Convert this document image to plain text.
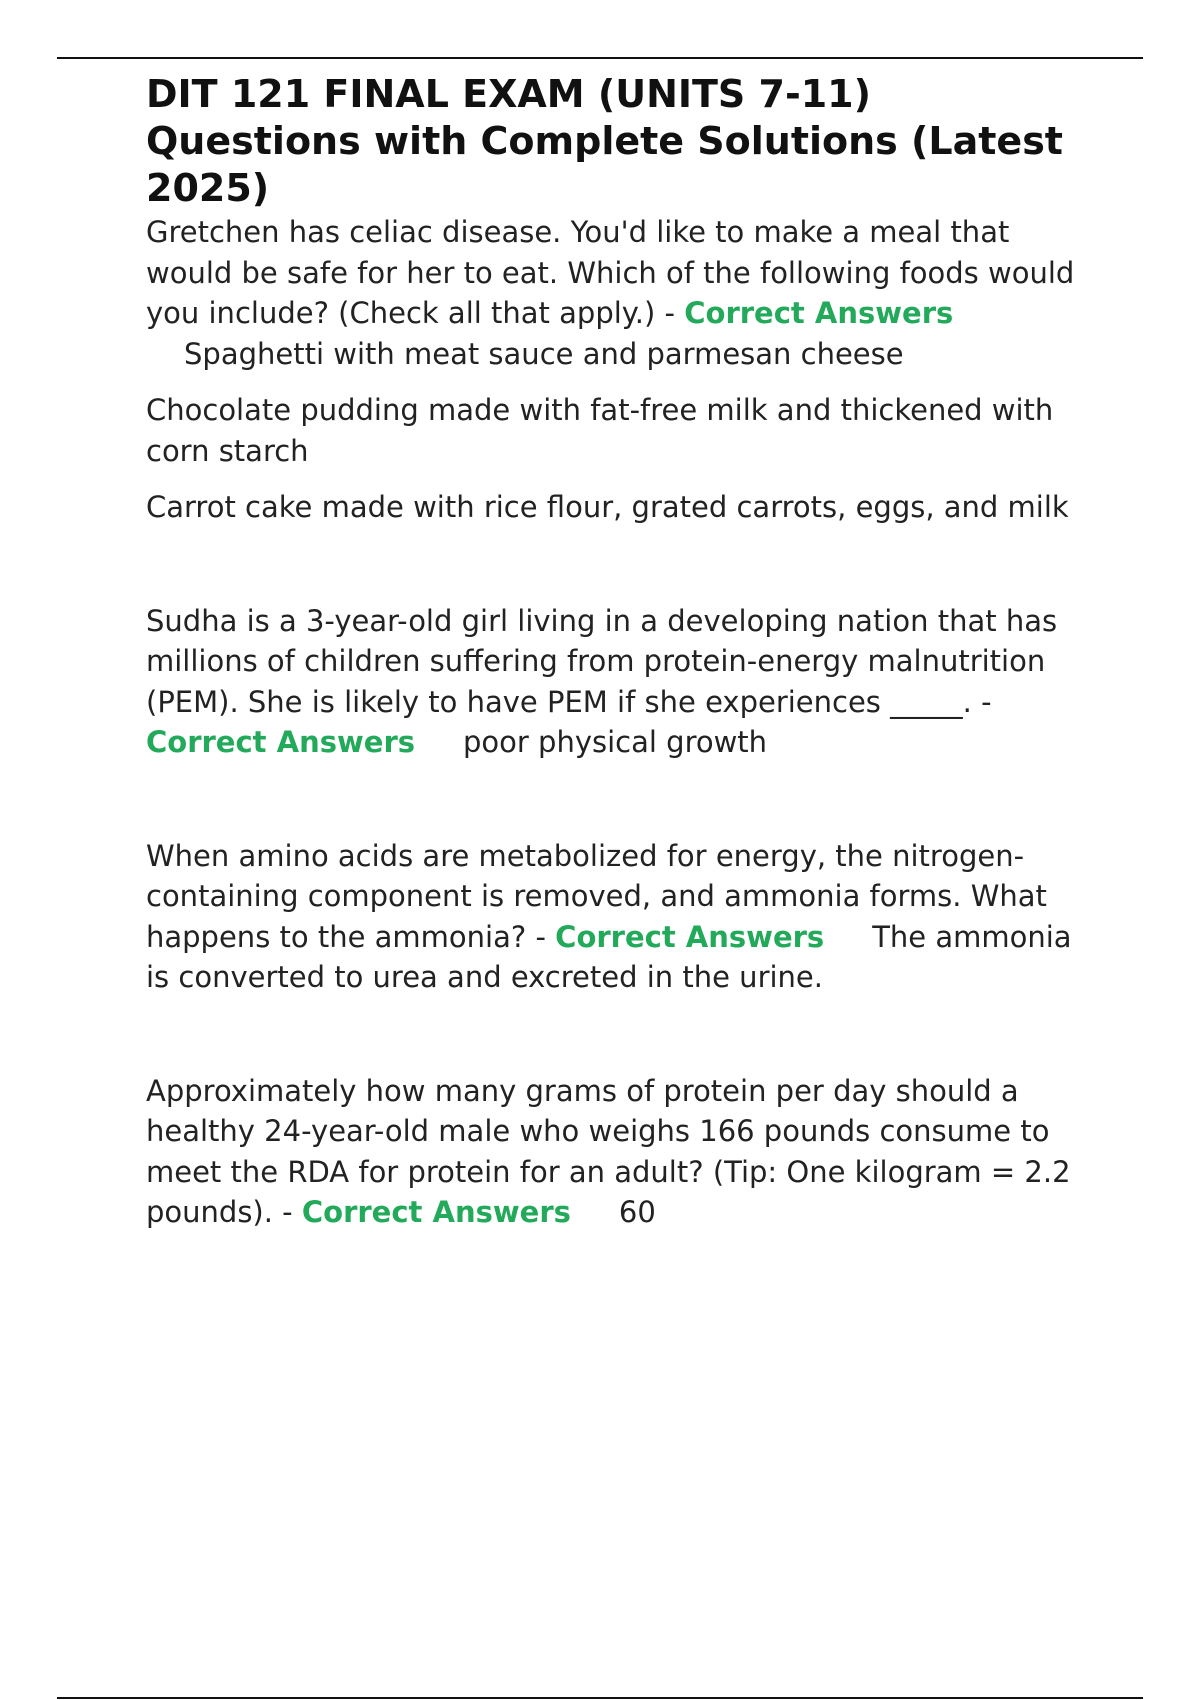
DIT 121 FINAL EXAM (UNITS 7-11) Questions with Complete Solutions (Latest 2025)

Gretchen has celiac disease. You'd like to make a meal that would be safe for her to eat. Which of the following foods would you include? (Check all that apply.) - Correct Answers

Spaghetti with meat sauce and parmesan cheese

Chocolate pudding made with fat-free milk and thickened with corn starch

Carrot cake made with rice flour, grated carrots, eggs, and milk

Sudha is a 3-year-old girl living in a developing nation that has millions of children suffering from protein-energy malnutrition (PEM). She is likely to have PEM if she experiences _____. - Correct Answers poor physical growth

When amino acids are metabolized for energy, the nitrogen-containing component is removed, and ammonia forms. What happens to the ammonia? - Correct Answers The ammonia is converted to urea and excreted in the urine.

Approximately how many grams of protein per day should a healthy 24-year-old male who weighs 166 pounds consume to meet the RDA for protein for an adult? (Tip: One kilogram = 2.2 pounds). - Correct Answers 60
